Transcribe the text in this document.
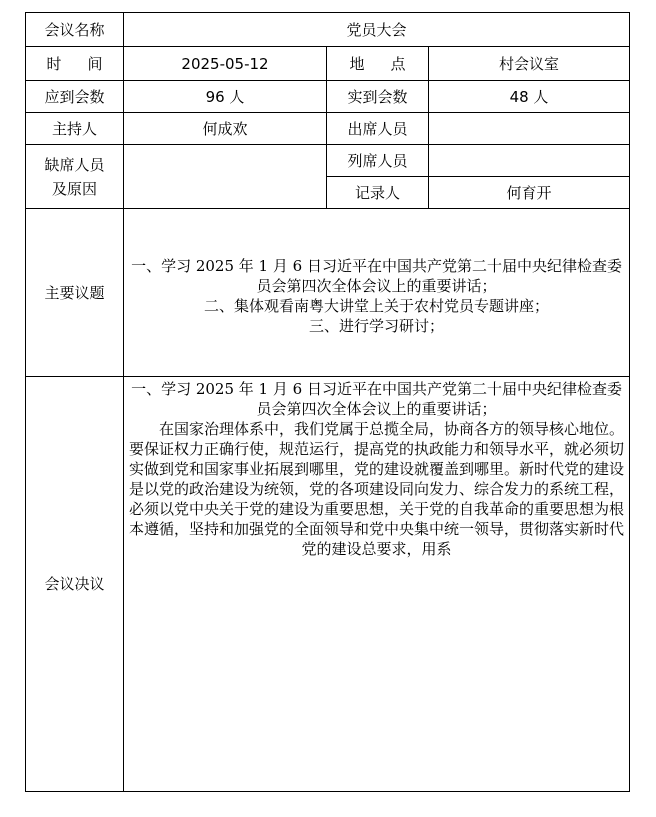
会议名称	党员大会		

时 间	2025-05-12	地 点	村会议室
应到会数	96 人	实到会数	48 人
主持人	何成欢	出席人员	

缺席人员
及原因		列席人员	
		记录人	何育开
主要议题	一、学习 2025 年 1 月 6 日习近平在中国共产党第二十届中央纪律检查委员会第四次全体会议上的重要讲话；

二、集体观看南粤大讲堂上关于农村党员专题讲座；

三、进行学习研讨；		

会议决议	一、学习 2025 年 1 月 6 日习近平在中国共产党第二十届中央纪律检查委员会第四次全体会议上的重要讲话；

在国家治理体系中，我们党属于总揽全局，协商各方的领导核心地位。要保证权力正确行使，规范运行，提高党的执政能力和领导水平，就必须切实做到党和国家事业拓展到哪里，党的建设就覆盖到哪里。新时代党的建设是以党的政治建设为统领，党的各项建设同向发力、综合发力的系统工程，必须以党中央关于党的建设为重要思想，关于党的自我革命的重要思想为根本遵循，坚持和加强党的全面领导和党中央集中统一领导，贯彻落实新时代党的建设总要求，用系		
